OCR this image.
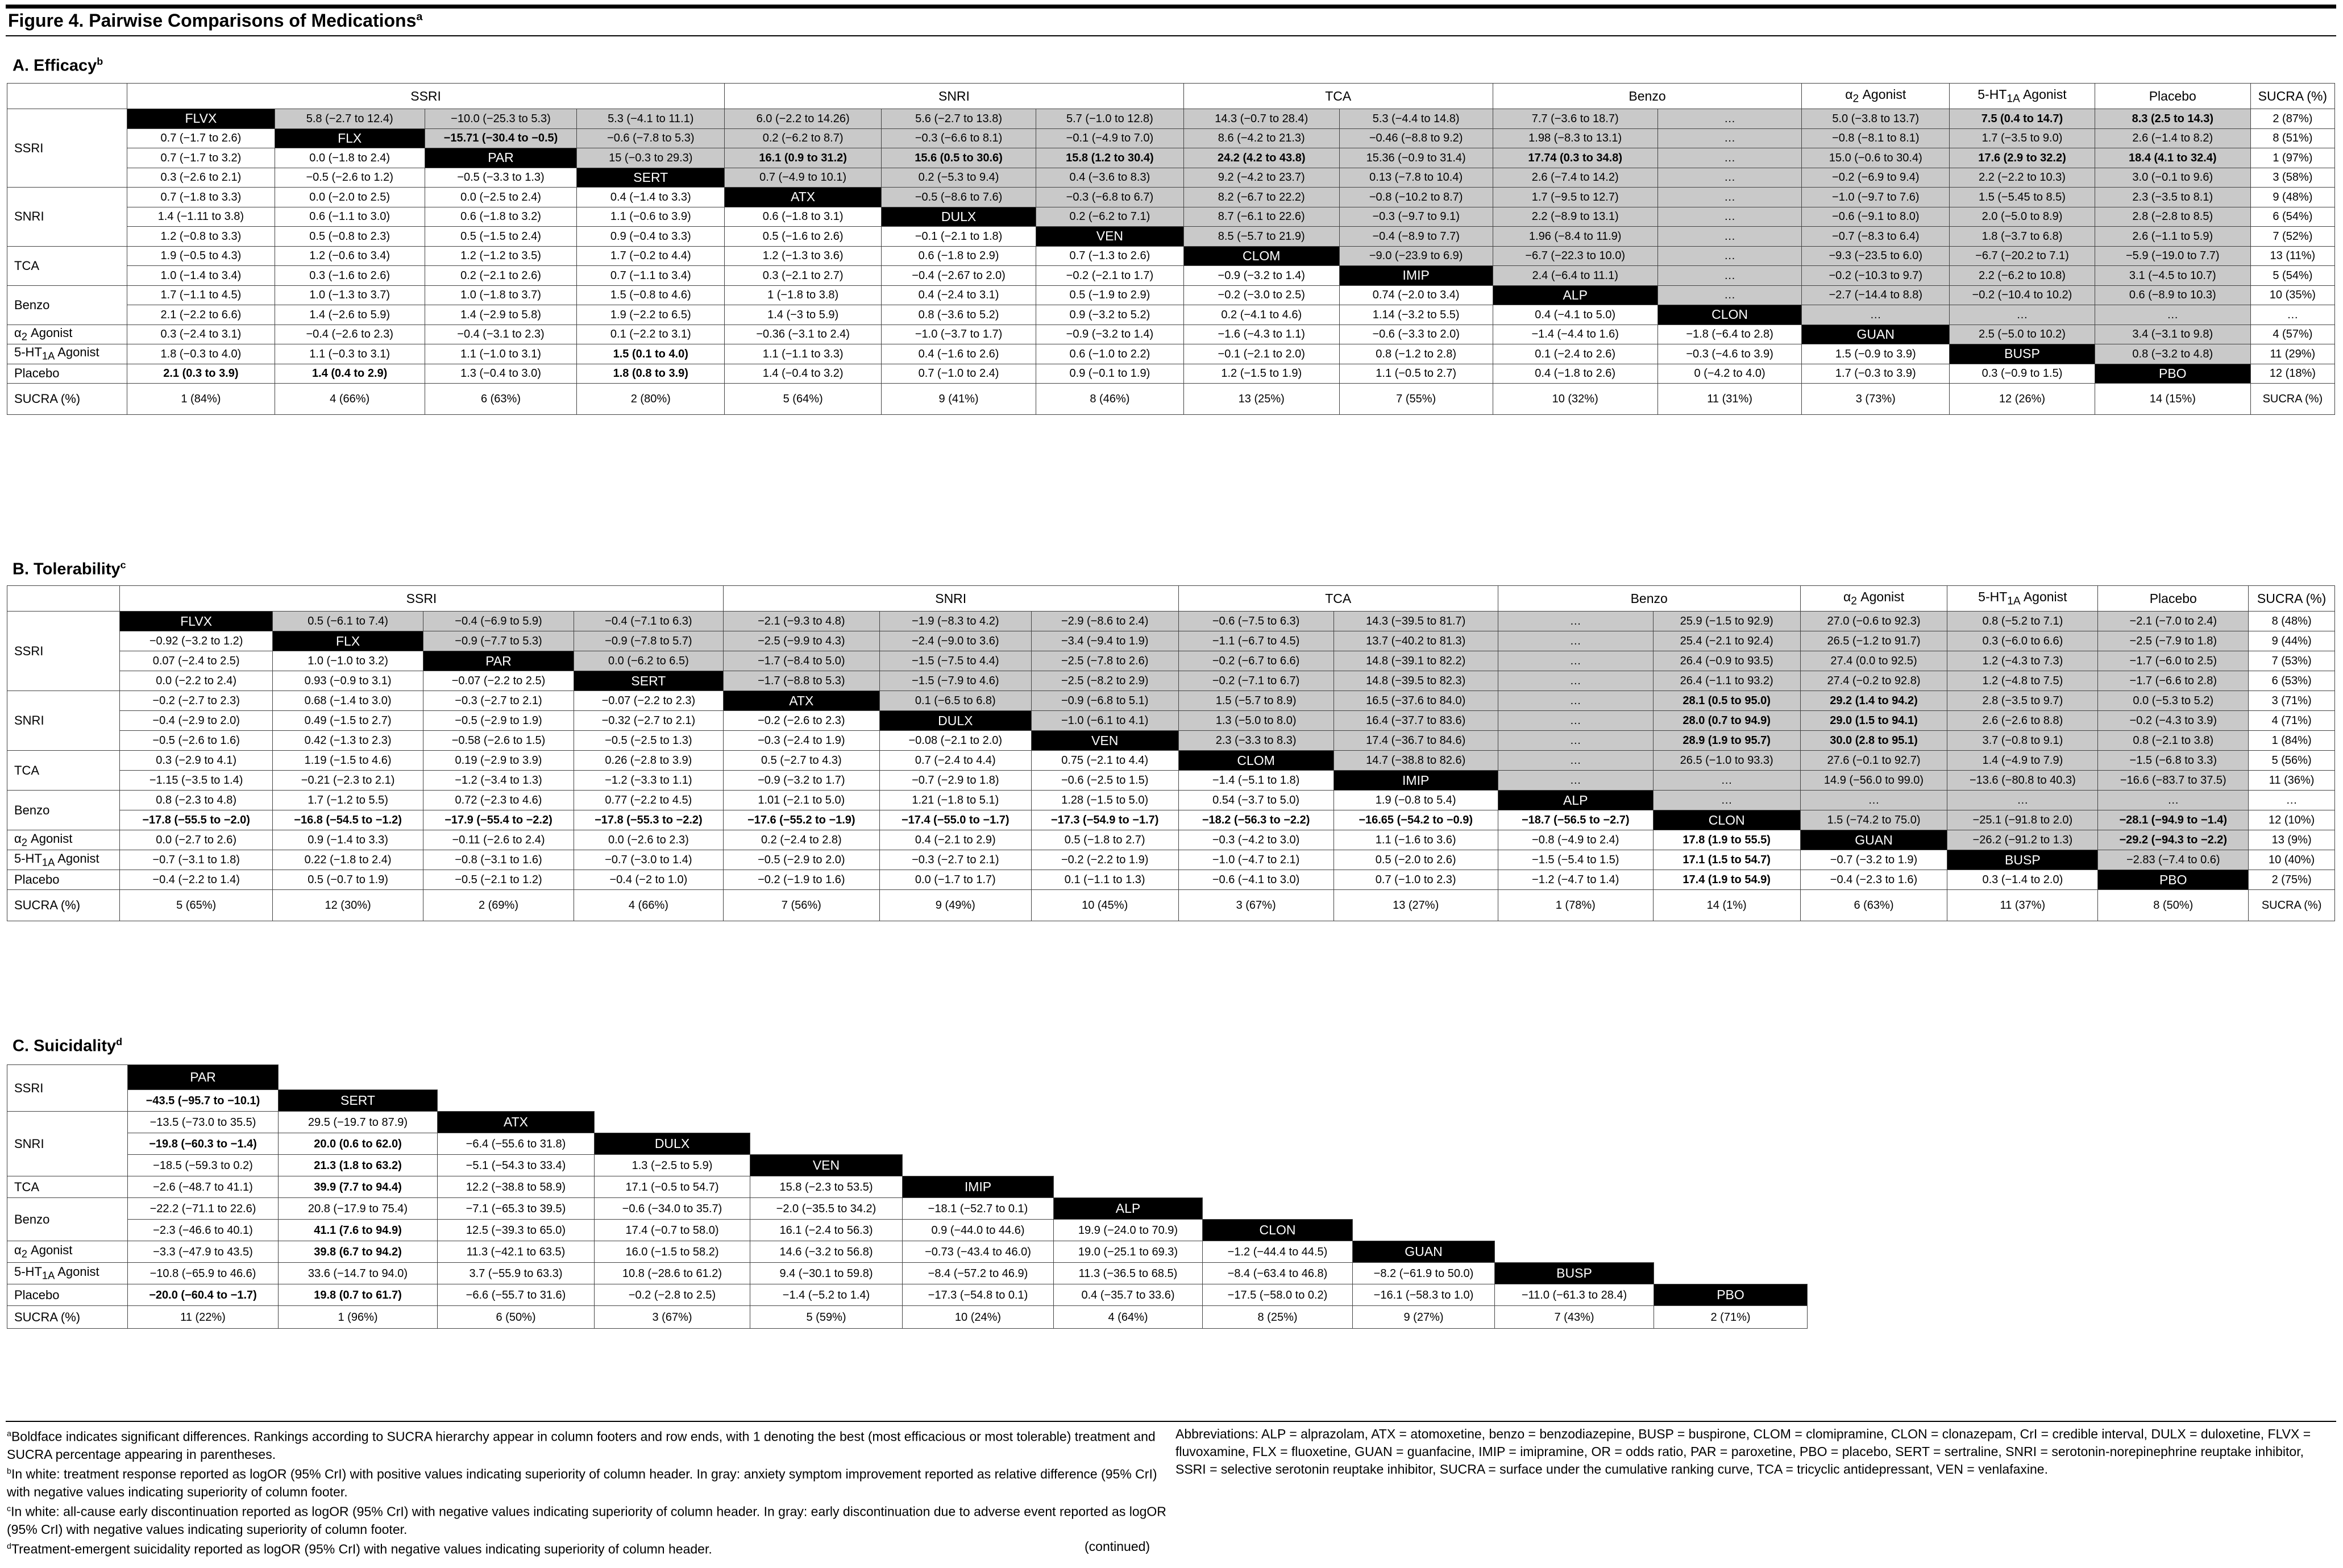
Figure 4. Pairwise Comparisons of Medications$^a$
A. Efficacy$^b$
	SSRI				SNRI			TCA		Benzo		$\alpha_2$ Agonist	$5-HT_{1A}$ Agonist	Placebo	SUCRA (%)
SSRI	FLVX	5.8 (−2.7 to 12.4)	−10.0 (−25.3 to 5.3)	5.3 (−4.1 to 11.1)	6.0 (−2.2 to 14.26)	5.6 (−2.7 to 13.8)	5.7 (−1.0 to 12.8)	14.3 (−0.7 to 28.4)	5.3 (−4.4 to 14.8)	7.7 (−3.6 to 18.7)	…	5.0 (−3.8 to 13.7)	7.5 (0.4 to 14.7)	8.3 (2.5 to 14.3)	2 (87%)
	0.7 (−1.7 to 2.6)	FLX	−15.71 (−30.4 to −0.5)	−0.6 (−7.8 to 5.3)	0.2 (−6.2 to 8.7)	−0.3 (−6.6 to 8.1)	−0.1 (−4.9 to 7.0)	8.6 (−4.2 to 21.3)	−0.46 (−8.8 to 9.2)	1.98 (−8.3 to 13.1)	…	−0.8 (−8.1 to 8.1)	1.7 (−3.5 to 9.0)	2.6 (−1.4 to 8.2)	8 (51%)
	0.7 (−1.7 to 3.2)	0.0 (−1.8 to 2.4)	PAR	15 (−0.3 to 29.3)	16.1 (0.9 to 31.2)	15.6 (0.5 to 30.6)	15.8 (1.2 to 30.4)	24.2 (4.2 to 43.8)	15.36 (−0.9 to 31.4)	17.74 (0.3 to 34.8)	…	15.0 (−0.6 to 30.4)	17.6 (2.9 to 32.2)	18.4 (4.1 to 32.4)	1 (97%)
	0.3 (−2.6 to 2.1)	−0.5 (−2.6 to 1.2)	−0.5 (−3.3 to 1.3)	SERT	0.7 (−4.9 to 10.1)	0.2 (−5.3 to 9.4)	0.4 (−3.6 to 8.3)	9.2 (−4.2 to 23.7)	0.13 (−7.8 to 10.4)	2.6 (−7.4 to 14.2)	…	−0.2 (−6.9 to 9.4)	2.2 (−2.2 to 10.3)	3.0 (−0.1 to 9.6)	3 (58%)
SNRI	0.7 (−1.8 to 3.3)	0.0 (−2.0 to 2.5)	0.0 (−2.5 to 2.4)	0.4 (−1.4 to 3.3)	ATX	−0.5 (−8.6 to 7.6)	−0.3 (−6.8 to 6.7)	8.2 (−6.7 to 22.2)	−0.8 (−10.2 to 8.7)	1.7 (−9.5 to 12.7)	…	−1.0 (−9.7 to 7.6)	1.5 (−5.45 to 8.5)	2.3 (−3.5 to 8.1)	9 (48%)
	1.4 (−1.11 to 3.8)	0.6 (−1.1 to 3.0)	0.6 (−1.8 to 3.2)	1.1 (−0.6 to 3.9)	0.6 (−1.8 to 3.1)	DULX	0.2 (−6.2 to 7.1)	8.7 (−6.1 to 22.6)	−0.3 (−9.7 to 9.1)	2.2 (−8.9 to 13.1)	…	−0.6 (−9.1 to 8.0)	2.0 (−5.0 to 8.9)	2.8 (−2.8 to 8.5)	6 (54%)
	1.2 (−0.8 to 3.3)	0.5 (−0.8 to 2.3)	0.5 (−1.5 to 2.4)	0.9 (−0.4 to 3.3)	0.5 (−1.6 to 2.6)	−0.1 (−2.1 to 1.8)	VEN	8.5 (−5.7 to 21.9)	−0.4 (−8.9 to 7.7)	1.96 (−8.4 to 11.9)	…	−0.7 (−8.3 to 6.4)	1.8 (−3.7 to 6.8)	2.6 (−1.1 to 5.9)	7 (52%)
TCA	1.9 (−0.5 to 4.3)	1.2 (−0.6 to 3.4)	1.2 (−1.2 to 3.5)	1.7 (−0.2 to 4.4)	1.2 (−1.3 to 3.6)	0.6 (−1.8 to 2.9)	0.7 (−1.3 to 2.6)	CLOM	−9.0 (−23.9 to 6.9)	−6.7 (−22.3 to 10.0)	…	−9.3 (−23.5 to 6.0)	−6.7 (−20.2 to 7.1)	−5.9 (−19.0 to 7.7)	13 (11%)
	1.0 (−1.4 to 3.4)	0.3 (−1.6 to 2.6)	0.2 (−2.1 to 2.6)	0.7 (−1.1 to 3.4)	0.3 (−2.1 to 2.7)	−0.4 (−2.67 to 2.0)	−0.2 (−2.1 to 1.7)	−0.9 (−3.2 to 1.4)	IMIP	2.4 (−6.4 to 11.1)	…	−0.2 (−10.3 to 9.7)	2.2 (−6.2 to 10.8)	3.1 (−4.5 to 10.7)	5 (54%)
Benzo	1.7 (−1.1 to 4.5)	1.0 (−1.3 to 3.7)	1.0 (−1.8 to 3.7)	1.5 (−0.8 to 4.6)	1 (−1.8 to 3.8)	0.4 (−2.4 to 3.1)	0.5 (−1.9 to 2.9)	−0.2 (−3.0 to 2.5)	0.74 (−2.0 to 3.4)	ALP	…	−2.7 (−14.4 to 8.8)	−0.2 (−10.4 to 10.2)	0.6 (−8.9 to 10.3)	10 (35%)
	2.1 (−2.2 to 6.6)	1.4 (−2.6 to 5.9)	1.4 (−2.9 to 5.8)	1.9 (−2.2 to 6.5)	1.4 (−3 to 5.9)	0.8 (−3.6 to 5.2)	0.9 (−3.2 to 5.2)	0.2 (−4.1 to 4.6)	1.14 (−3.2 to 5.5)	0.4 (−4.1 to 5.0)	CLON	…	…	…	…
$\alpha_2$ Agonist	0.3 (−2.4 to 3.1)	−0.4 (−2.6 to 2.3)	−0.4 (−3.1 to 2.3)	0.1 (−2.2 to 3.1)	−0.36 (−3.1 to 2.4)	−1.0 (−3.7 to 1.7)	−0.9 (−3.2 to 1.4)	−1.6 (−4.3 to 1.1)	−0.6 (−3.3 to 2.0)	−1.4 (−4.4 to 1.6)	−1.8 (−6.4 to 2.8)	GUAN	2.5 (−5.0 to 10.2)	3.4 (−3.1 to 9.8)	4 (57%)
$5-HT_{1A}$ Agonist	1.8 (−0.3 to 4.0)	1.1 (−0.3 to 3.1)	1.1 (−1.0 to 3.1)	1.5 (0.1 to 4.0)	1.1 (−1.1 to 3.3)	0.4 (−1.6 to 2.6)	0.6 (−1.0 to 2.2)	−0.1 (−2.1 to 2.0)	0.8 (−1.2 to 2.8)	0.1 (−2.4 to 2.6)	−0.3 (−4.6 to 3.9)	1.5 (−0.9 to 3.9)	BUSP	0.8 (−3.2 to 4.8)	11 (29%)
Placebo	2.1 (0.3 to 3.9)	1.4 (0.4 to 2.9)	1.3 (−0.4 to 3.0)	1.8 (0.8 to 3.9)	1.4 (−0.4 to 3.2)	0.7 (−1.0 to 2.4)	0.9 (−0.1 to 1.9)	1.2 (−1.5 to 1.9)	1.1 (−0.5 to 2.7)	0.4 (−1.8 to 2.6)	0 (−4.2 to 4.0)	1.7 (−0.3 to 3.9)	0.3 (−0.9 to 1.5)	PBO	12 (18%)
SUCRA (%)	1 (84%)	4 (66%)	6 (63%)	2 (80%)	5 (64%)	9 (41%)	8 (46%)	13 (25%)	7 (55%)	10 (32%)	11 (31%)	3 (73%)	12 (26%)	14 (15%)	SUCRA (%)
B. Tolerability$^c$
	SSRI				SNRI			TCA		Benzo		$\alpha_2$ Agonist	$5-HT_{1A}$ Agonist	Placebo	SUCRA (%)
SSRI	FLVX	0.5 (−6.1 to 7.4)	−0.4 (−6.9 to 5.9)	−0.4 (−7.1 to 6.3)	−2.1 (−9.3 to 4.8)	−1.9 (−8.3 to 4.2)	−2.9 (−8.6 to 2.4)	−0.6 (−7.5 to 6.3)	14.3 (−39.5 to 81.7)	…	25.9 (−1.5 to 92.9)	27.0 (−0.6 to 92.3)	0.8 (−5.2 to 7.1)	−2.1 (−7.0 to 2.4)	8 (48%)
	−0.92 (−3.2 to 1.2)	FLX	−0.9 (−7.7 to 5.3)	−0.9 (−7.8 to 5.7)	−2.5 (−9.9 to 4.3)	−2.4 (−9.0 to 3.6)	−3.4 (−9.4 to 1.9)	−1.1 (−6.7 to 4.5)	13.7 (−40.2 to 81.3)	…	25.4 (−2.1 to 92.4)	26.5 (−1.2 to 91.7)	0.3 (−6.0 to 6.6)	−2.5 (−7.9 to 1.8)	9 (44%)
	0.07 (−2.4 to 2.5)	1.0 (−1.0 to 3.2)	PAR	0.0 (−6.2 to 6.5)	−1.7 (−8.4 to 5.0)	−1.5 (−7.5 to 4.4)	−2.5 (−7.8 to 2.6)	−0.2 (−6.7 to 6.6)	14.8 (−39.1 to 82.2)	…	26.4 (−0.9 to 93.5)	27.4 (0.0 to 92.5)	1.2 (−4.3 to 7.3)	−1.7 (−6.0 to 2.5)	7 (53%)
	0.0 (−2.2 to 2.4)	0.93 (−0.9 to 3.1)	−0.07 (−2.2 to 2.5)	SERT	−1.7 (−8.8 to 5.3)	−1.5 (−7.9 to 4.6)	−2.5 (−8.2 to 2.9)	−0.2 (−7.1 to 6.7)	14.8 (−39.5 to 82.3)	…	26.4 (−1.1 to 93.2)	27.4 (−0.2 to 92.8)	1.2 (−4.8 to 7.5)	−1.7 (−6.6 to 2.8)	6 (53%)
SNRI	−0.2 (−2.7 to 2.3)	0.68 (−1.4 to 3.0)	−0.3 (−2.7 to 2.1)	−0.07 (−2.2 to 2.3)	ATX	0.1 (−6.5 to 6.8)	−0.9 (−6.8 to 5.1)	1.5 (−5.7 to 8.9)	16.5 (−37.6 to 84.0)	…	28.1 (0.5 to 95.0)	29.2 (1.4 to 94.2)	2.8 (−3.5 to 9.7)	0.0 (−5.3 to 5.2)	3 (71%)
	−0.4 (−2.9 to 2.0)	0.49 (−1.5 to 2.7)	−0.5 (−2.9 to 1.9)	−0.32 (−2.7 to 2.1)	−0.2 (−2.6 to 2.3)	DULX	−1.0 (−6.1 to 4.1)	1.3 (−5.0 to 8.0)	16.4 (−37.7 to 83.6)	…	28.0 (0.7 to 94.9)	29.0 (1.5 to 94.1)	2.6 (−2.6 to 8.8)	−0.2 (−4.3 to 3.9)	4 (71%)
	−0.5 (−2.6 to 1.6)	0.42 (−1.3 to 2.3)	−0.58 (−2.6 to 1.5)	−0.5 (−2.5 to 1.3)	−0.3 (−2.4 to 1.9)	−0.08 (−2.1 to 2.0)	VEN	2.3 (−3.3 to 8.3)	17.4 (−36.7 to 84.6)	…	28.9 (1.9 to 95.7)	30.0 (2.8 to 95.1)	3.7 (−0.8 to 9.1)	0.8 (−2.1 to 3.8)	1 (84%)
TCA	0.3 (−2.9 to 4.1)	1.19 (−1.5 to 4.6)	0.19 (−2.9 to 3.9)	0.26 (−2.8 to 3.9)	0.5 (−2.7 to 4.3)	0.7 (−2.4 to 4.4)	0.75 (−2.1 to 4.4)	CLOM	14.7 (−38.8 to 82.6)	…	26.5 (−1.0 to 93.3)	27.6 (−0.1 to 92.7)	1.4 (−4.9 to 7.9)	−1.5 (−6.8 to 3.3)	5 (56%)
	−1.15 (−3.5 to 1.4)	−0.21 (−2.3 to 2.1)	−1.2 (−3.4 to 1.3)	−1.2 (−3.3 to 1.1)	−0.9 (−3.2 to 1.7)	−0.7 (−2.9 to 1.8)	−0.6 (−2.5 to 1.5)	−1.4 (−5.1 to 1.8)	IMIP	…	…	14.9 (−56.0 to 99.0)	−13.6 (−80.8 to 40.3)	−16.6 (−83.7 to 37.5)	11 (36%)
Benzo	0.8 (−2.3 to 4.8)	1.7 (−1.2 to 5.5)	0.72 (−2.3 to 4.6)	0.77 (−2.2 to 4.5)	1.01 (−2.1 to 5.0)	1.21 (−1.8 to 5.1)	1.28 (−1.5 to 5.0)	0.54 (−3.7 to 5.0)	1.9 (−0.8 to 5.4)	ALP	…	…	…	…	…
	−17.8 (−55.5 to −2.0)	−16.8 (−54.5 to −1.2)	−17.9 (−55.4 to −2.2)	−17.8 (−55.3 to −2.2)	−17.6 (−55.2 to −1.9)	−17.4 (−55.0 to −1.7)	−17.3 (−54.9 to −1.7)	−18.2 (−56.3 to −2.2)	−16.65 (−54.2 to −0.9)	−18.7 (−56.5 to −2.7)	CLON	1.5 (−74.2 to 75.0)	−25.1 (−91.8 to 2.0)	−28.1 (−94.9 to −1.4)	12 (10%)
$\alpha_2$ Agonist	0.0 (−2.7 to 2.6)	0.9 (−1.4 to 3.3)	−0.11 (−2.6 to 2.4)	0.0 (−2.6 to 2.3)	0.2 (−2.4 to 2.8)	0.4 (−2.1 to 2.9)	0.5 (−1.8 to 2.7)	−0.3 (−4.2 to 3.0)	1.1 (−1.6 to 3.6)	−0.8 (−4.9 to 2.4)	17.8 (1.9 to 55.5)	GUAN	−26.2 (−91.2 to 1.3)	−29.2 (−94.3 to −2.2)	13 (9%)
$5-HT_{1A}$ Agonist	−0.7 (−3.1 to 1.8)	0.22 (−1.8 to 2.4)	−0.8 (−3.1 to 1.6)	−0.7 (−3.0 to 1.4)	−0.5 (−2.9 to 2.0)	−0.3 (−2.7 to 2.1)	−0.2 (−2.2 to 1.9)	−1.0 (−4.7 to 2.1)	0.5 (−2.0 to 2.6)	−1.5 (−5.4 to 1.5)	17.1 (1.5 to 54.7)	−0.7 (−3.2 to 1.9)	BUSP	−2.83 (−7.4 to 0.6)	10 (40%)
Placebo	−0.4 (−2.2 to 1.4)	0.5 (−0.7 to 1.9)	−0.5 (−2.1 to 1.2)	−0.4 (−2 to 1.0)	−0.2 (−1.9 to 1.6)	0.0 (−1.7 to 1.7)	0.1 (−1.1 to 1.3)	−0.6 (−4.1 to 3.0)	0.7 (−1.0 to 2.3)	−1.2 (−4.7 to 1.4)	17.4 (1.9 to 54.9)	−0.4 (−2.3 to 1.6)	0.3 (−1.4 to 2.0)	PBO	2 (75%)
SUCRA (%)	5 (65%)	12 (30%)	2 (69%)	4 (66%)	7 (56%)	9 (49%)	10 (45%)	3 (67%)	13 (27%)	1 (78%)	14 (1%)	6 (63%)	11 (37%)	8 (50%)	SUCRA (%)
C. Suicidality$^d$
SSRI	PAR										
	−43.5 (−95.7 to −10.1)	SERT									
SNRI	−13.5 (−73.0 to 35.5)	29.5 (−19.7 to 87.9)	ATX								
	−19.8 (−60.3 to −1.4)	20.0 (0.6 to 62.0)	−6.4 (−55.6 to 31.8)	DULX							
	−18.5 (−59.3 to 0.2)	21.3 (1.8 to 63.2)	−5.1 (−54.3 to 33.4)	1.3 (−2.5 to 5.9)	VEN						
TCA	−2.6 (−48.7 to 41.1)	39.9 (7.7 to 94.4)	12.2 (−38.8 to 58.9)	17.1 (−0.5 to 54.7)	15.8 (−2.3 to 53.5)	IMIP					
Benzo	−22.2 (−71.1 to 22.6)	20.8 (−17.9 to 75.4)	−7.1 (−65.3 to 39.5)	−0.6 (−34.0 to 35.7)	−2.0 (−35.5 to 34.2)	−18.1 (−52.7 to 0.1)	ALP				
	−2.3 (−46.6 to 40.1)	41.1 (7.6 to 94.9)	12.5 (−39.3 to 65.0)	17.4 (−0.7 to 58.0)	16.1 (−2.4 to 56.3)	0.9 (−44.0 to 44.6)	19.9 (−24.0 to 70.9)	CLON			
$\alpha_2$ Agonist	−3.3 (−47.9 to 43.5)	39.8 (6.7 to 94.2)	11.3 (−42.1 to 63.5)	16.0 (−1.5 to 58.2)	14.6 (−3.2 to 56.8)	−0.73 (−43.4 to 46.0)	19.0 (−25.1 to 69.3)	−1.2 (−44.4 to 44.5)	GUAN		
$5-HT_{1A}$ Agonist	−10.8 (−65.9 to 46.6)	33.6 (−14.7 to 94.0)	3.7 (−55.9 to 63.3)	10.8 (−28.6 to 61.2)	9.4 (−30.1 to 59.8)	−8.4 (−57.2 to 46.9)	11.3 (−36.5 to 68.5)	−8.4 (−63.4 to 46.8)	−8.2 (−61.9 to 50.0)	BUSP	
Placebo	−20.0 (−60.4 to −1.7)	19.8 (0.7 to 61.7)	−6.6 (−55.7 to 31.6)	−0.2 (−2.8 to 2.5)	−1.4 (−5.2 to 1.4)	−17.3 (−54.8 to 0.1)	0.4 (−35.7 to 33.6)	−17.5 (−58.0 to 0.2)	−16.1 (−58.3 to 1.0)	−11.0 (−61.3 to 28.4)	PBO
SUCRA (%)	11 (22%)	1 (96%)	6 (50%)	3 (67%)	5 (59%)	10 (24%)	4 (64%)	8 (25%)	9 (27%)	7 (43%)	2 (71%)
$^a$Boldface indicates significant differences. Rankings according to SUCRA hierarchy appear in column footers and row ends, with 1 denoting the best (most efficacious or most tolerable) treatment and SUCRA percentage appearing in parentheses.
$^b$In white: treatment response reported as logOR (95% CrI) with positive values indicating superiority of column header. In gray: anxiety symptom improvement reported as relative difference (95% CrI) with negative values indicating superiority of column footer.
$^c$In white: all-cause early discontinuation reported as logOR (95% CrI) with negative values indicating superiority of column header. In gray: early discontinuation due to adverse event reported as logOR (95% CrI) with negative values indicating superiority of column footer.
$^d$Treatment-emergent suicidality reported as logOR (95% CrI) with negative values indicating superiority of column header.	(continued)
Abbreviations: ALP = alprazolam, ATX = atomoxetine, benzo = benzodiazepine, BUSP = buspirone, CLOM = clomipramine, CLON = clonazepam, CrI = credible interval, DULX = duloxetine, FLVX = fluvoxamine, FLX = fluoxetine, GUAN = guanfacine, IMIP = imipramine, OR = odds ratio, PAR = paroxetine, PBO = placebo, SERT = sertraline, SNRI = serotonin-norepinephrine reuptake inhibitor, SSRI = selective serotonin reuptake inhibitor, SUCRA = surface under the cumulative ranking curve, TCA = tricyclic antidepressant, VEN = venlafaxine.
